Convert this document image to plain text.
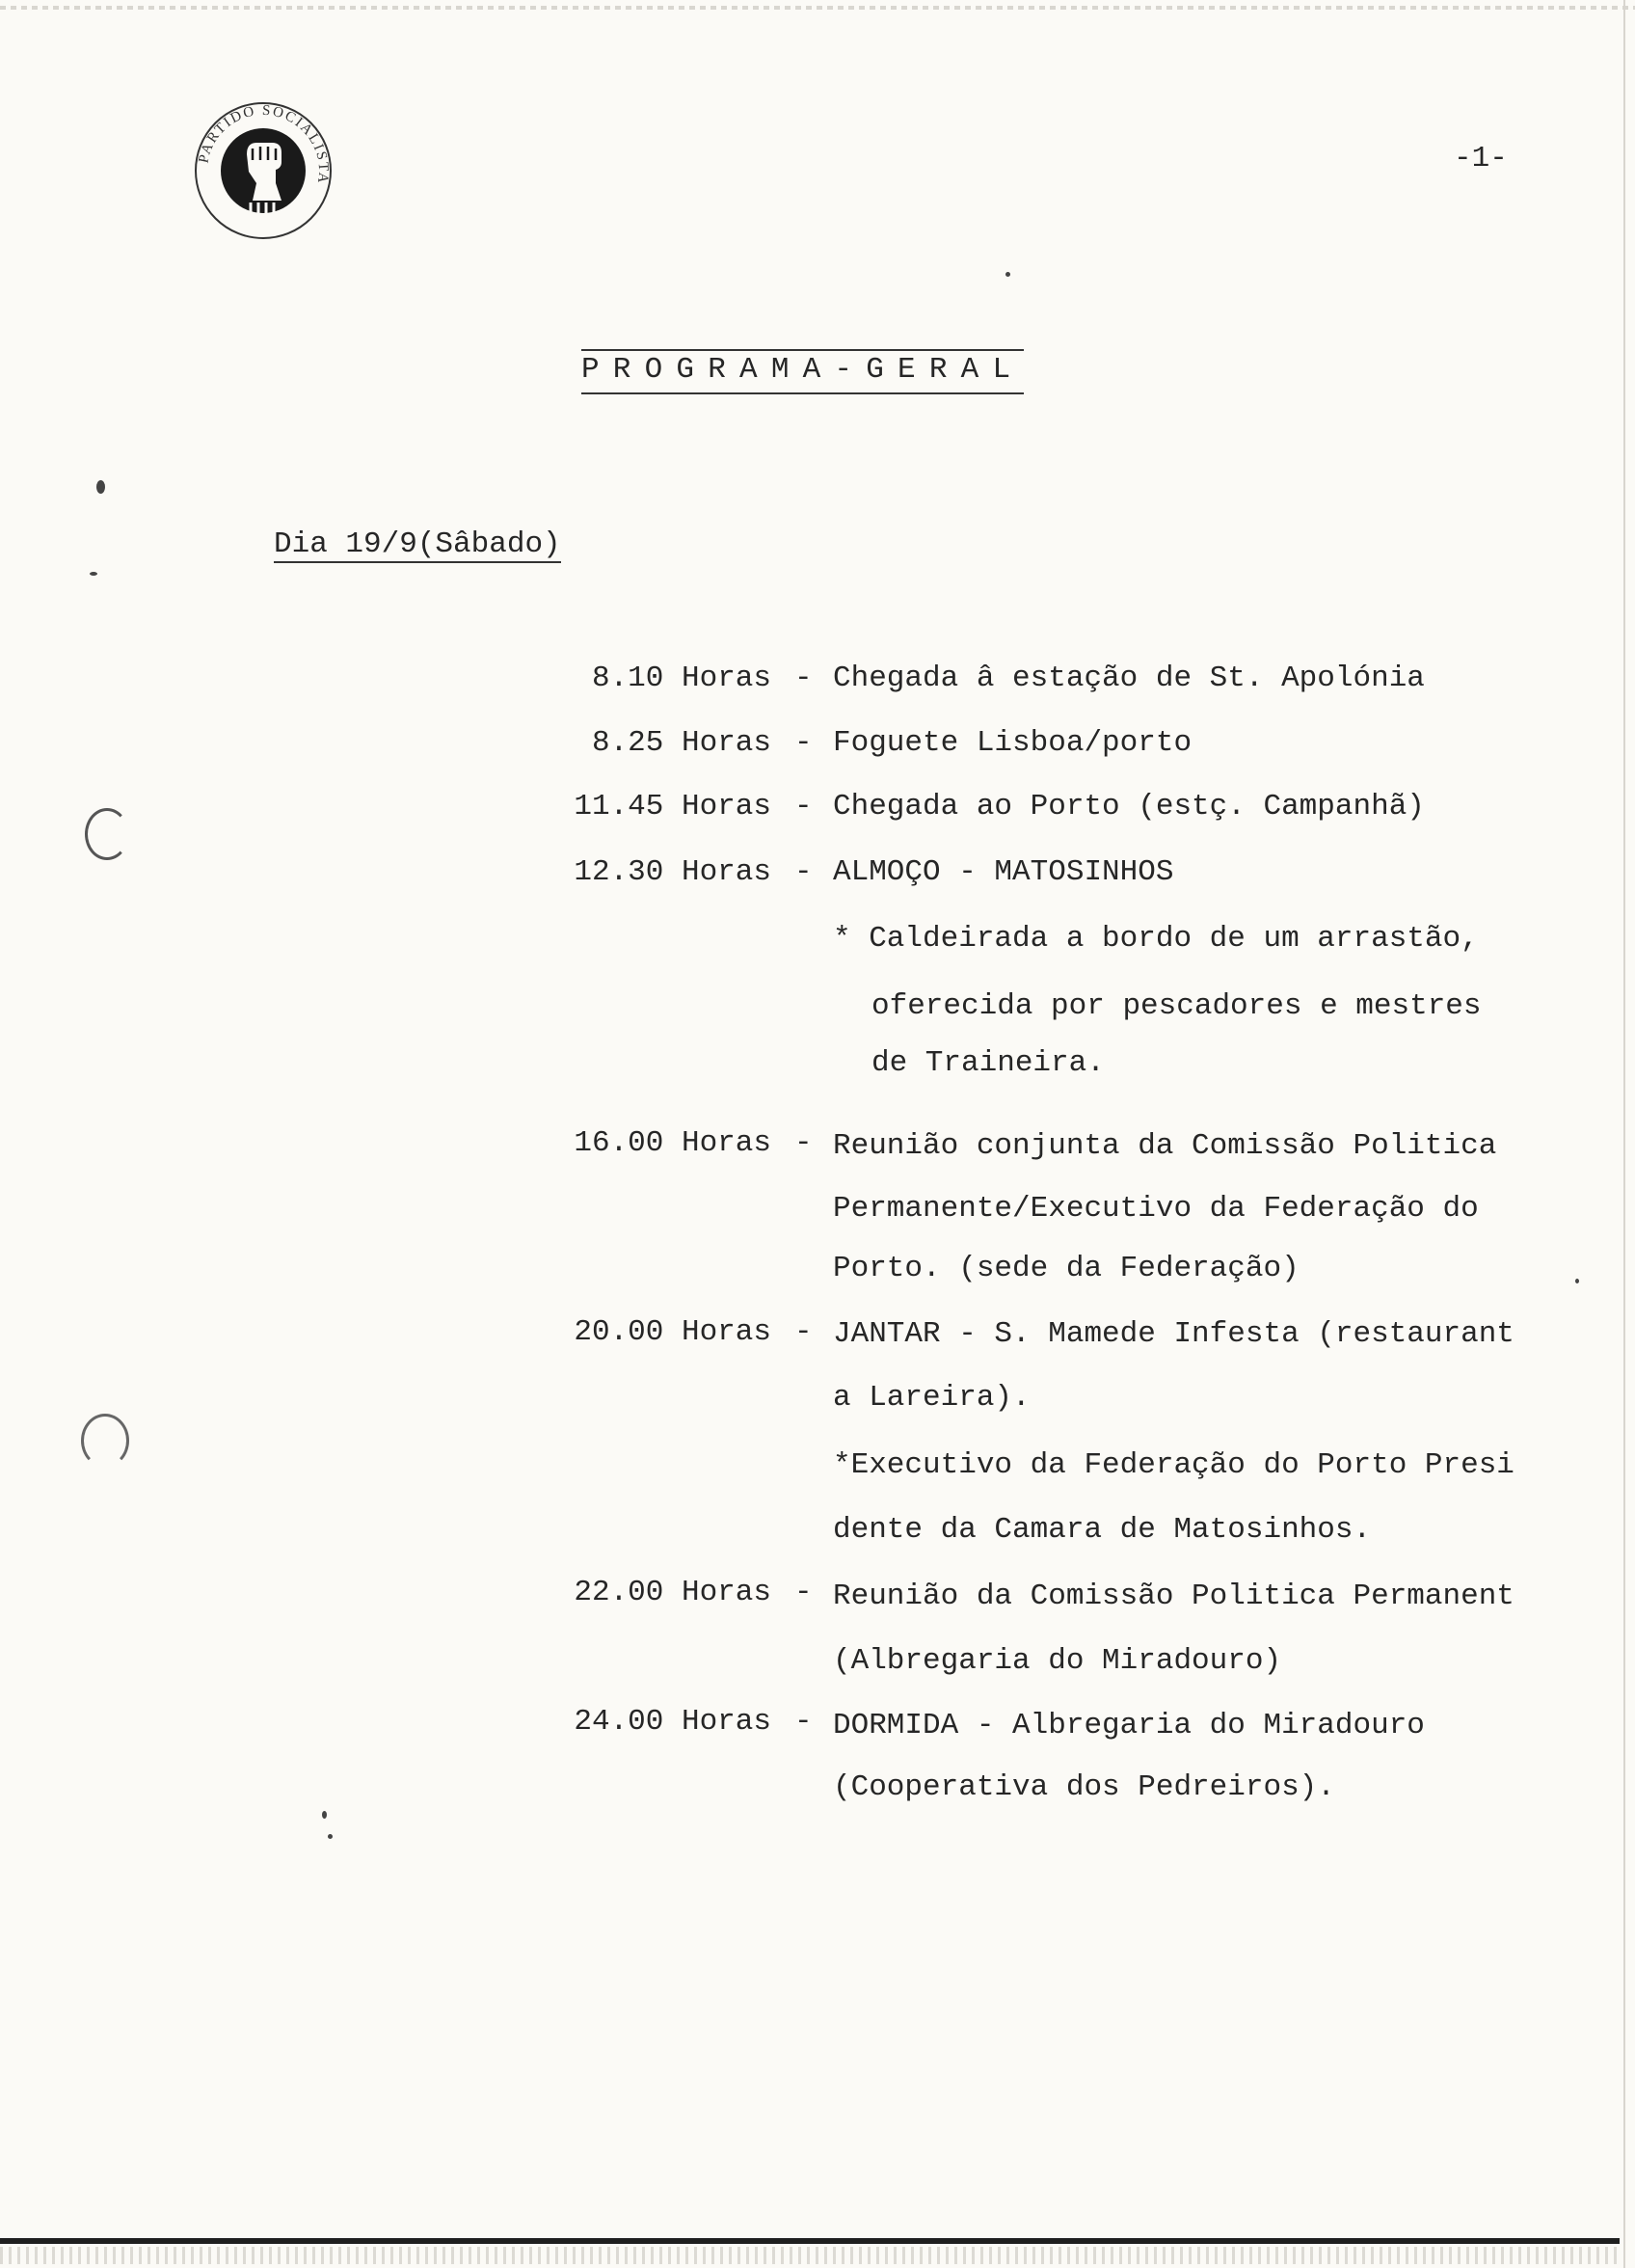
PARTIDO SOCIALISTA
-1-
PROGRAMA-GERAL
Dia 19/9(Sâbado)
8.10 Horas - Chegada â estação de St. Apolónia
8.25 Horas - Foguete Lisboa/porto
11.45 Horas - Chegada ao Porto (estç. Campanhã)
12.30 Horas - ALMOÇO - MATOSINHOS
* Caldeirada a bordo de um arrastão,
oferecida por pescadores e mestres
de Traineira.
16.00 Horas - Reunião conjunta da Comissão Politica
Permanente/Executivo da Federação do
Porto. (sede da Federação)
20.00 Horas - JANTAR - S. Mamede Infesta (restaurant
a Lareira).
*Executivo da Federação do Porto Presi
dente da Camara de Matosinhos.
22.00 Horas - Reunião da Comissão Politica Permanent
(Albregaria do Miradouro)
24.00 Horas - DORMIDA - Albregaria do Miradouro
(Cooperativa dos Pedreiros).
